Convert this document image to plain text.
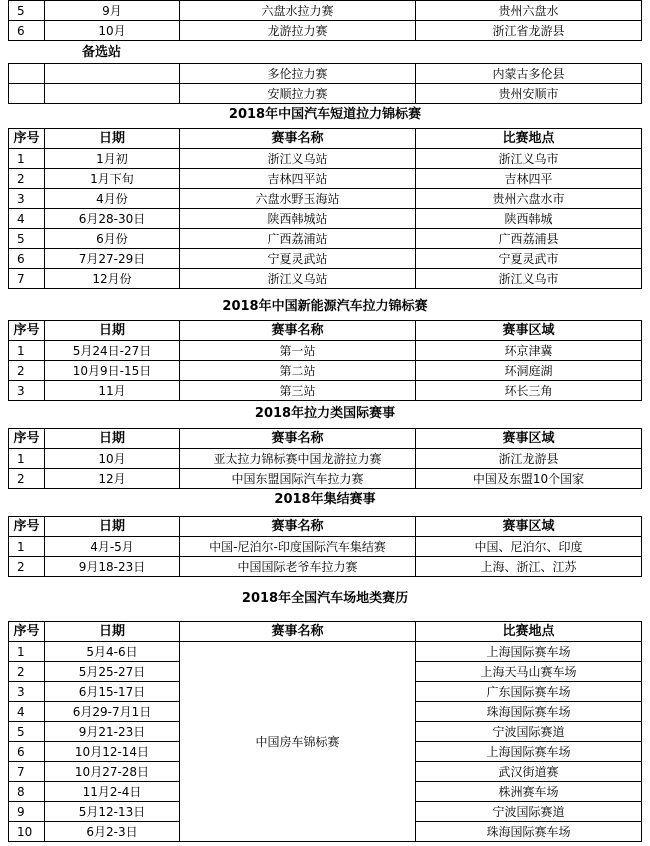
5	9月	六盘水拉力赛	贵州六盘水
6	10月	龙游拉力赛	浙江省龙游县
备选站
		多伦拉力赛	内蒙古多伦县
		安顺拉力赛	贵州安顺市
2018年中国汽车短道拉力锦标赛
序号	日期	赛事名称	比赛地点
1	1月初	浙江义乌站	浙江义乌市
2	1月下旬	吉林四平站	吉林四平
3	4月份	六盘水野玉海站	贵州六盘水市
4	6月28-30日	陕西韩城站	陕西韩城
5	6月份	广西荔浦站	广西荔浦县
6	7月27-29日	宁夏灵武站	宁夏灵武市
7	12月份	浙江义乌站	浙江义乌市
2018年中国新能源汽车拉力锦标赛
序号	日期	赛事名称	赛事区域
1	5月24日-27日	第一站	环京津冀
2	10月9日-15日	第二站	环洞庭湖
3	11月	第三站	环长三角
2018年拉力类国际赛事
序号	日期	赛事名称	赛事区域
1	10月	亚太拉力锦标赛中国龙游拉力赛	浙江龙游县
2	12月	中国东盟国际汽车拉力赛	中国及东盟10个国家
2018年集结赛事
序号	日期	赛事名称	赛事区域
1	4月-5月	中国-尼泊尔-印度国际汽车集结赛	中国、尼泊尔、印度
2	9月18-23日	中国国际老爷车拉力赛	上海、浙江、江苏
2018年全国汽车场地类赛历
序号	日期	赛事名称	比赛地点
1	5月4-6日	中国房车锦标赛	上海国际赛车场
2	5月25-27日		上海天马山赛车场
3	6月15-17日		广东国际赛车场
4	6月29-7月1日		珠海国际赛车场
5	9月21-23日		宁波国际赛道
6	10月12-14日		上海国际赛车场
7	10月27-28日		武汉街道赛
8	11月2-4日		株洲赛车场
9	5月12-13日		宁波国际赛道
10	6月2-3日		珠海国际赛车场
